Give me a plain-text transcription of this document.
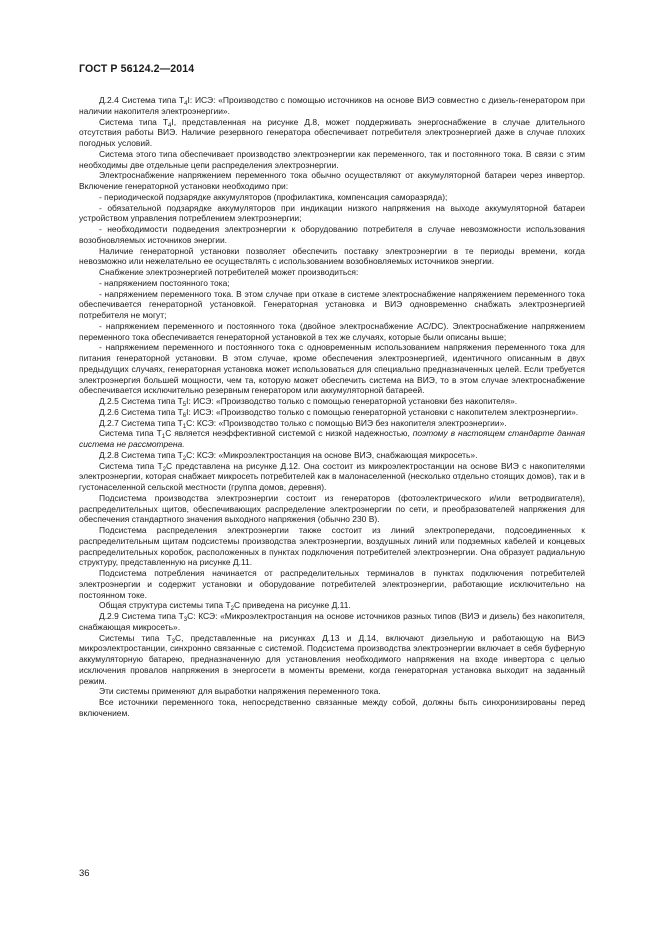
ГОСТ Р 56124.2—2014

Д.2.4 Система типа $Т_4I$: ИСЭ: «Производство с помощью источников на основе ВИЭ совместно с дизель-генератором при наличии накопителя электроэнергии».

Система типа $Т_4I$, представленная на рисунке Д.8, может поддерживать энергоснабжение в случае длительного отсутствия работы ВИЭ. Наличие резервного генератора обеспечивает потребителя электроэнергией даже в случае плохих погодных условий.

Система этого типа обеспечивает производство электроэнергии как переменного, так и постоянного тока. В связи с этим необходимы две отдельные цепи распределения электроэнергии.

Электроснабжение напряжением переменного тока обычно осуществляют от аккумуляторной батареи через инвертор. Включение генераторной установки необходимо при:

- периодической подзарядке аккумуляторов (профилактика, компенсация саморазряда);

- обязательной подзарядке аккумуляторов при индикации низкого напряжения на выходе аккумуляторной батареи устройством управления потреблением электроэнергии;

- необходимости подведения электроэнергии к оборудованию потребителя в случае невозможности использования возобновляемых источников энергии.

Наличие генераторной установки позволяет обеспечить поставку электроэнергии в те периоды времени, когда невозможно или нежелательно ее осуществлять с использованием возобновляемых источников энергии.

Снабжение электроэнергией потребителей может производиться:

- напряжением постоянного тока;

- напряжением переменного тока. В этом случае при отказе в системе электроснабжение напряжением переменного тока обеспечивается генераторной установкой. Генераторная установка и ВИЭ одновременно снабжать электроэнергией потребителя не могут;

- напряжением переменного и постоянного тока (двойное электроснабжение AC/DC). Электроснабжение напряжением переменного тока обеспечивается генераторной установкой в тех же случаях, которые были описаны выше;

- напряжением переменного и постоянного тока с одновременным использованием напряжения переменного тока для питания генераторной установки. В этом случае, кроме обеспечения электроэнергией, идентичного описанным в двух предыдущих случаях, генераторная установка может использоваться для специально предназначенных целей. Если требуется электроэнергия большей мощности, чем та, которую может обеспечить система на ВИЭ, то в этом случае электроснабжение обеспечивается исключительно резервным генератором или аккумуляторной батареей.

Д.2.5 Система типа $Т_5I$: ИСЭ: «Производство только с помощью генераторной установки без накопителя».

Д.2.6 Система типа $Т_6I$: ИСЭ: «Производство только с помощью генераторной установки с накопителем электроэнергии».

Д.2.7 Система типа $Т_1С$: КСЭ: «Производство только с помощью ВИЭ без накопителя электроэнергии».

Система типа $Т_1С$ является неэффективной системой с низкой надежностью, поэтому в настоящем стандарте данная система не рассмотрена.

Д.2.8 Система типа $Т_2С$: КСЭ: «Микроэлектростанция на основе ВИЭ, снабжающая микросеть».

Система типа $Т_2С$ представлена на рисунке Д.12. Она состоит из микроэлектростанции на основе ВИЭ с накопителями электроэнергии, которая снабжает микросеть потребителей как в малонаселенной (несколько отдельно стоящих домов), так и в густонаселенной сельской местности (группа домов, деревня).

Подсистема производства электроэнергии состоит из генераторов (фотоэлектрического и/или ветродвигателя), распределительных щитов, обеспечивающих распределение электроэнергии по сети, и преобразователей напряжения для обеспечения стандартного значения выходного напряжения (обычно 230 В).

Подсистема распределения электроэнергии также состоит из линий электропередачи, подсоединенных к распределительным щитам подсистемы производства электроэнергии, воздушных линий или подземных кабелей и концевых распределительных коробок, расположенных в пунктах подключения потребителей электроэнергии. Она образует радиальную структуру, представленную на рисунке Д.11.

Подсистема потребления начинается от распределительных терминалов в пунктах подключения потребителей электроэнергии и содержит установки и оборудование потребителей электроэнергии, работающие исключительно на постоянном токе.

Общая структура системы типа $Т_2С$ приведена на рисунке Д.11.

Д.2.9 Система типа $Т_3С$: КСЭ: «Микроэлектростанция на основе источников разных типов (ВИЭ и дизель) без накопителя, снабжающая микросеть».

Системы типа $Т_3С$, представленные на рисунках Д.13 и Д.14, включают дизельную и работающую на ВИЭ микроэлектростанции, синхронно связанные с системой. Подсистема производства электроэнергии включает в себя буферную аккумуляторную батарею, предназначенную для установления необходимого напряжения на входе инвертора с целью исключения провалов напряжения в энергосети в моменты времени, когда генераторная установка выходит на заданный режим.

Эти системы применяют для выработки напряжения переменного тока.

Все источники переменного тока, непосредственно связанные между собой, должны быть синхронизированы перед включением.

36
